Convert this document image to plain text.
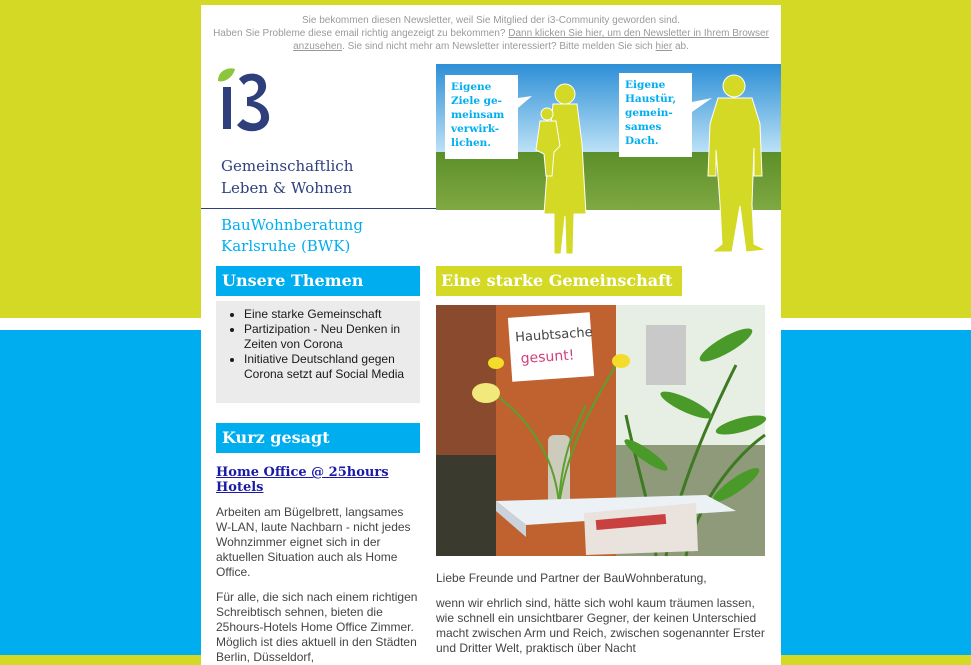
Sie bekommen diesen Newsletter, weil Sie Mitglied der i3-Community geworden sind.
Haben Sie Probleme diese email richtig angezeigt zu bekommen? Dann klicken Sie hier, um den Newsletter in Ihrem Browser anzusehen. Sie sind nicht mehr am Newsletter interessiert? Bitte melden Sie sich hier ab.
Gemeinschaftlich
Leben & Wohnen
BauWohnberatung
Karlsruhe (BWK)
Eigene
Ziele ge-
meinsam
verwirk-
lichen.
Eigene
Haustür,
gemein-
sames
Dach.
Unsere Themen
• Eine starke Gemeinschaft
• Partizipation - Neu Denken in Zeiten von Corona
• Initiative Deutschland gegen Corona setzt auf Social Media
Kurz gesagt
Home Office @ 25hours Hotels

Arbeiten am Bügelbrett, langsames W-LAN, laute Nachbarn - nicht jedes Wohnzimmer eignet sich in der aktuellen Situation auch als Home Office.

Für alle, die sich nach einem richtigen Schreibtisch sehnen, bieten die 25hours-Hotels Home Office Zimmer. Möglich ist dies aktuell in den Städten Berlin, Düsseldorf,

Eine starke Gemeinschaft
Haubtsache
gesunt!

Liebe Freunde und Partner der BauWohnberatung,

wenn wir ehrlich sind, hätte sich wohl kaum träumen lassen, wie schnell ein unsichtbarer Gegner, der keinen Unterschied macht zwischen Arm und Reich, zwischen sogenannter Erster und Dritter Welt, praktisch über Nacht
